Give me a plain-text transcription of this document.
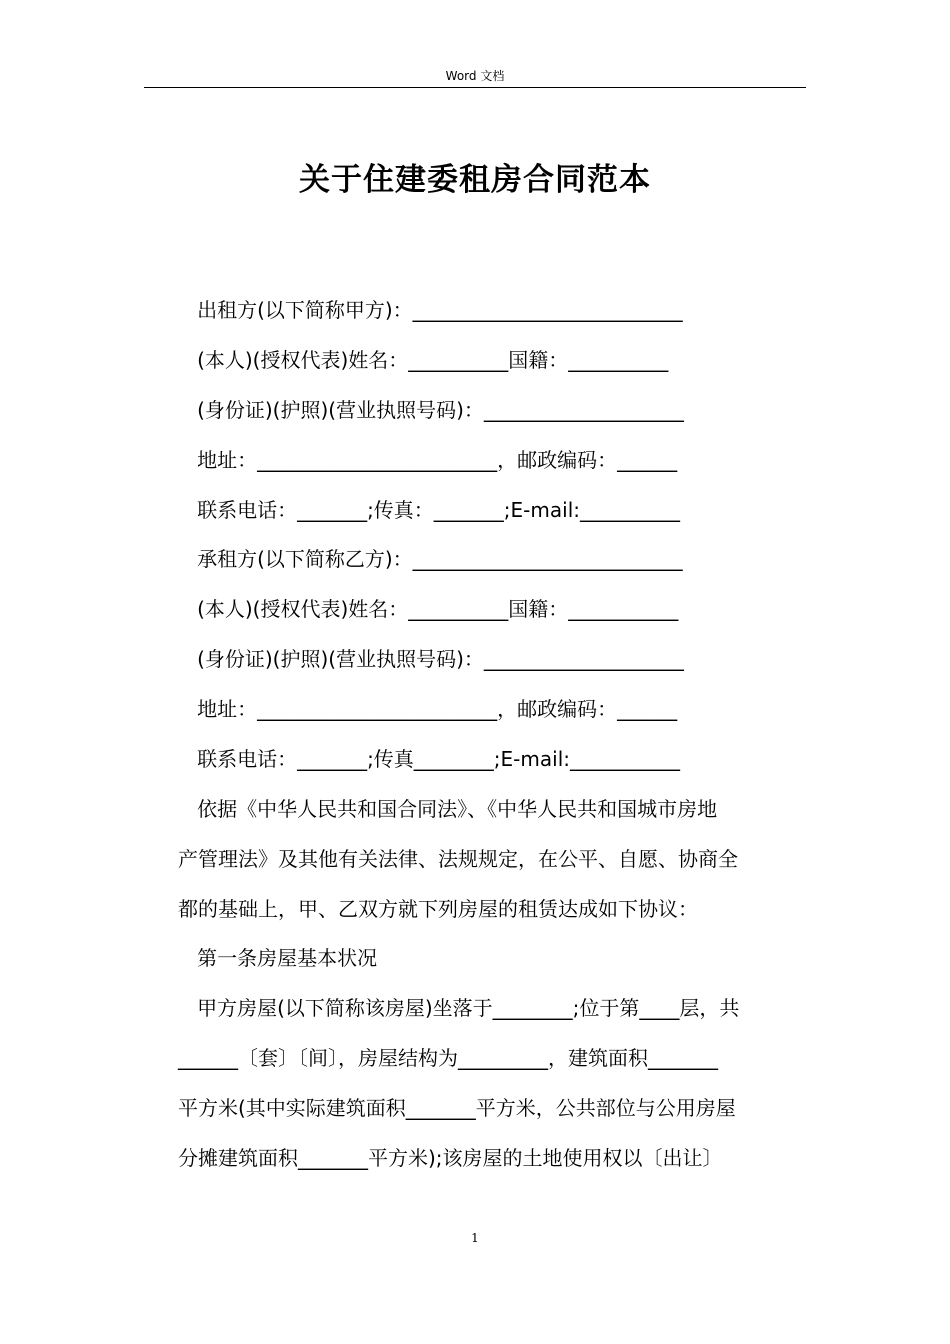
Word 文档
关于住建委租房合同范本
出租方(以下简称甲方)：___________________________
(本人)(授权代表)姓名：__________国籍：__________
(身份证)(护照)(营业执照号码)：____________________
地址：________________________，邮政编码：______
联系电话：_______;传真：_______;E-mail:__________
承租方(以下简称乙方)：___________________________
(本人)(授权代表)姓名：__________国籍：___________
(身份证)(护照)(营业执照号码)：____________________
地址：________________________，邮政编码：______
联系电话：_______;传真________;E-mail:___________
依据《中华人民共和国合同法》、《中华人民共和国城市房地
产管理法》及其他有关法律、法规规定，在公平、自愿、协商全
都的基础上，甲、乙双方就下列房屋的租赁达成如下协议：
第一条房屋基本状况
甲方房屋(以下简称该房屋)坐落于________;位于第____层，共
______〔套〕〔间〕，房屋结构为_________，建筑面积_______
平方米(其中实际建筑面积_______平方米，公共部位与公用房屋
分摊建筑面积_______平方米);该房屋的土地使用权以〔出让〕
1
